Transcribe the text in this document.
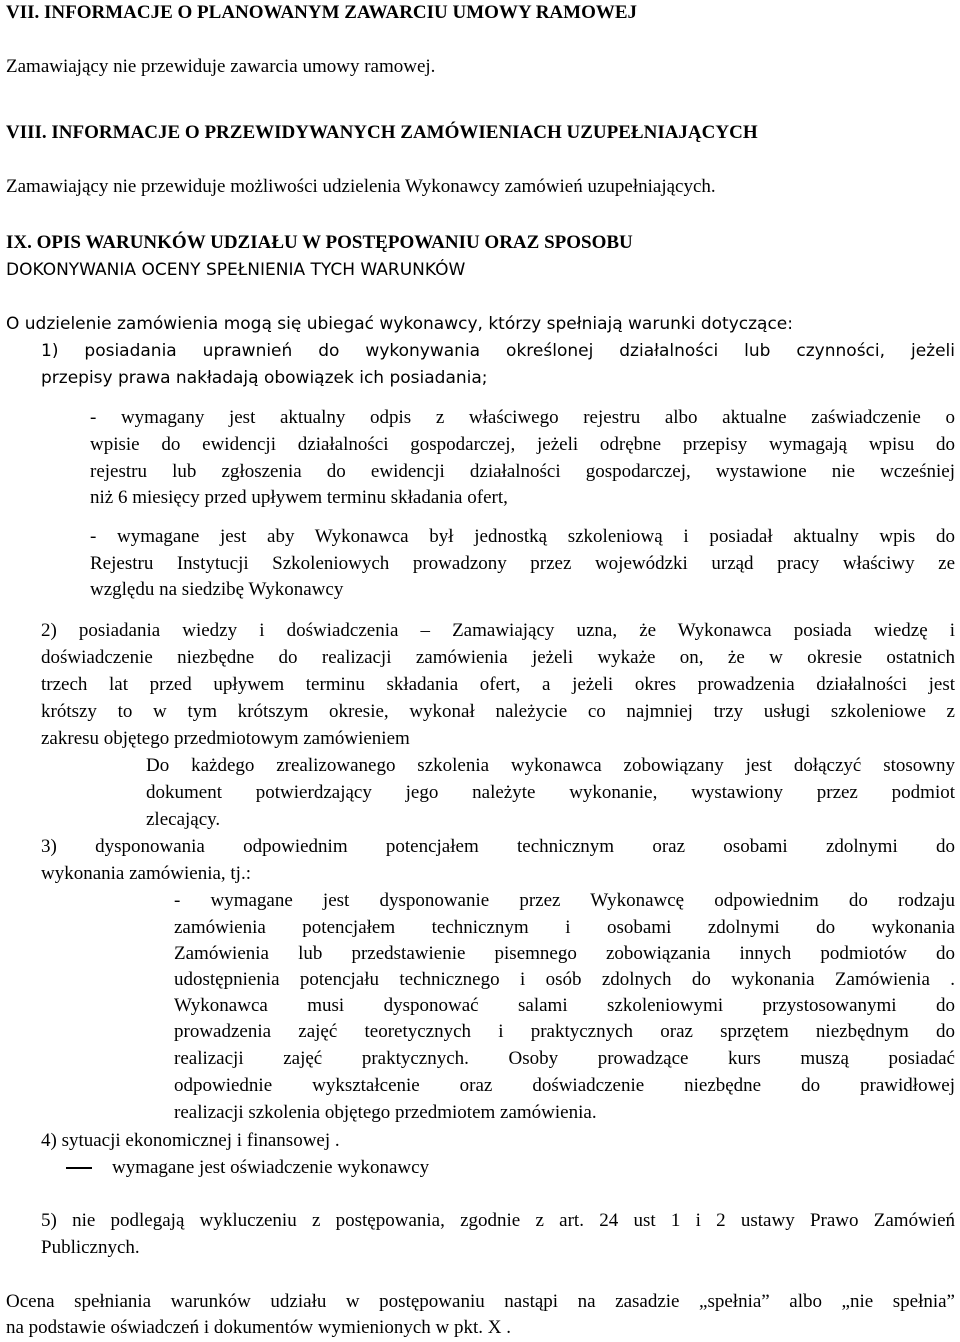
VII. INFORMACJE O PLANOWANYM ZAWARCIU UMOWY RAMOWEJ
Zamawiający nie przewiduje zawarcia umowy ramowej.
VIII. INFORMACJE O PRZEWIDYWANYCH ZAMÓWIENIACH UZUPEŁNIAJĄCYCH
Zamawiający nie przewiduje możliwości udzielenia Wykonawcy zamówień uzupełniających.
IX. OPIS WARUNKÓW UDZIAŁU W POSTĘPOWANIU ORAZ SPOSOBU
DOKONYWANIA OCENY SPEŁNIENIA TYCH WARUNKÓW
O udzielenie zamówienia mogą się ubiegać wykonawcy, którzy spełniają warunki dotyczące:
1) posiadania uprawnień do wykonywania określonej działalności lub czynności, jeżeli
przepisy prawa nakładają obowiązek ich posiadania;
- wymagany jest aktualny odpis z właściwego rejestru albo aktualne zaświadczenie o
wpisie do ewidencji działalności gospodarczej, jeżeli odrębne przepisy wymagają wpisu do
rejestru lub zgłoszenia do ewidencji działalności gospodarczej, wystawione nie wcześniej
niż 6 miesięcy przed upływem terminu składania ofert,
- wymagane jest aby Wykonawca był jednostką szkoleniową i posiadał aktualny wpis do
Rejestru Instytucji Szkoleniowych prowadzony przez wojewódzki urząd pracy właściwy ze
względu na siedzibę Wykonawcy
2) posiadania wiedzy i doświadczenia – Zamawiający uzna, że Wykonawca posiada wiedzę i
doświadczenie niezbędne do realizacji zamówienia jeżeli wykaże on, że w okresie ostatnich
trzech lat przed upływem terminu składania ofert, a jeżeli okres prowadzenia działalności jest
krótszy to w tym krótszym okresie, wykonał należycie co najmniej trzy usługi szkoleniowe z
zakresu objętego przedmiotowym zamówieniem
Do każdego zrealizowanego szkolenia wykonawca zobowiązany jest dołączyć stosowny
dokument potwierdzający jego należyte wykonanie, wystawiony przez podmiot
zlecający.
3) dysponowania odpowiednim potencjałem technicznym oraz osobami zdolnymi do
wykonania zamówienia, tj.:
- wymagane jest dysponowanie przez Wykonawcę odpowiednim do rodzaju
zamówienia potencjałem technicznym i osobami zdolnymi do wykonania
Zamówienia lub przedstawienie pisemnego zobowiązania innych podmiotów do
udostępnienia potencjału technicznego i osób zdolnych do wykonania Zamówienia .
Wykonawca musi dysponować salami szkoleniowymi przystosowanymi do
prowadzenia zajęć teoretycznych i praktycznych oraz sprzętem niezbędnym do
realizacji zajęć praktycznych. Osoby prowadzące kurs muszą posiadać
odpowiednie wykształcenie oraz doświadczenie niezbędne do prawidłowej
realizacji szkolenia objętego przedmiotem zamówienia.
4) sytuacji ekonomicznej i finansowej .
wymagane jest oświadczenie wykonawcy
5) nie podlegają wykluczeniu z postępowania, zgodnie z art. 24 ust 1 i 2 ustawy Prawo Zamówień
Publicznych.
Ocena spełniania warunków udziału w postępowaniu nastąpi na zasadzie „spełnia” albo „nie spełnia”
na podstawie oświadczeń i dokumentów wymienionych w pkt. X .
